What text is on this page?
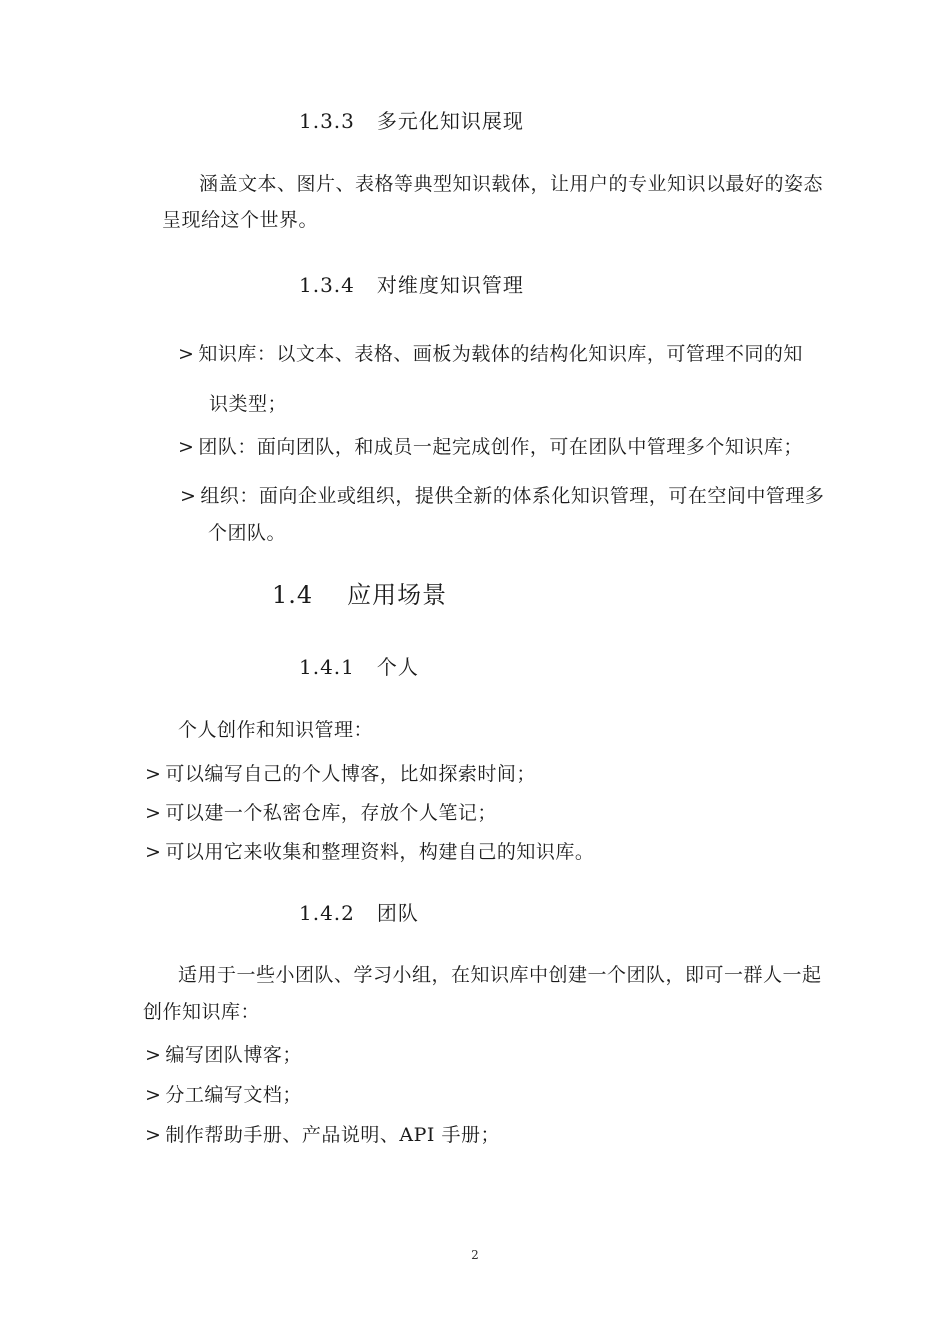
1.3.3 多元化知识展现

涵盖文本、图片、表格等典型知识载体，让用户的专业知识以最好的姿态

呈现给这个世界。

1.3.4 对维度知识管理
> 知识库：以文本、表格、画板为载体的结构化知识库，可管理不同的知

识类型；

> 团队：面向团队，和成员一起完成创作，可在团队中管理多个知识库；
> 组织：面向企业或组织，提供全新的体系化知识管理，可在空间中管理多

个团队。

1.4 应用场景
1.4.1 个人

个人创作和知识管理：

> 可以编写自己的个人博客，比如探索时间；
> 可以建一个私密仓库，存放个人笔记；
> 可以用它来收集和整理资料，构建自己的知识库。
1.4.2 团队

适用于一些小团队、学习小组，在知识库中创建一个团队，即可一群人一起

创作知识库：

> 编写团队博客；
> 分工编写文档；
> 制作帮助手册、产品说明、API 手册；
2
